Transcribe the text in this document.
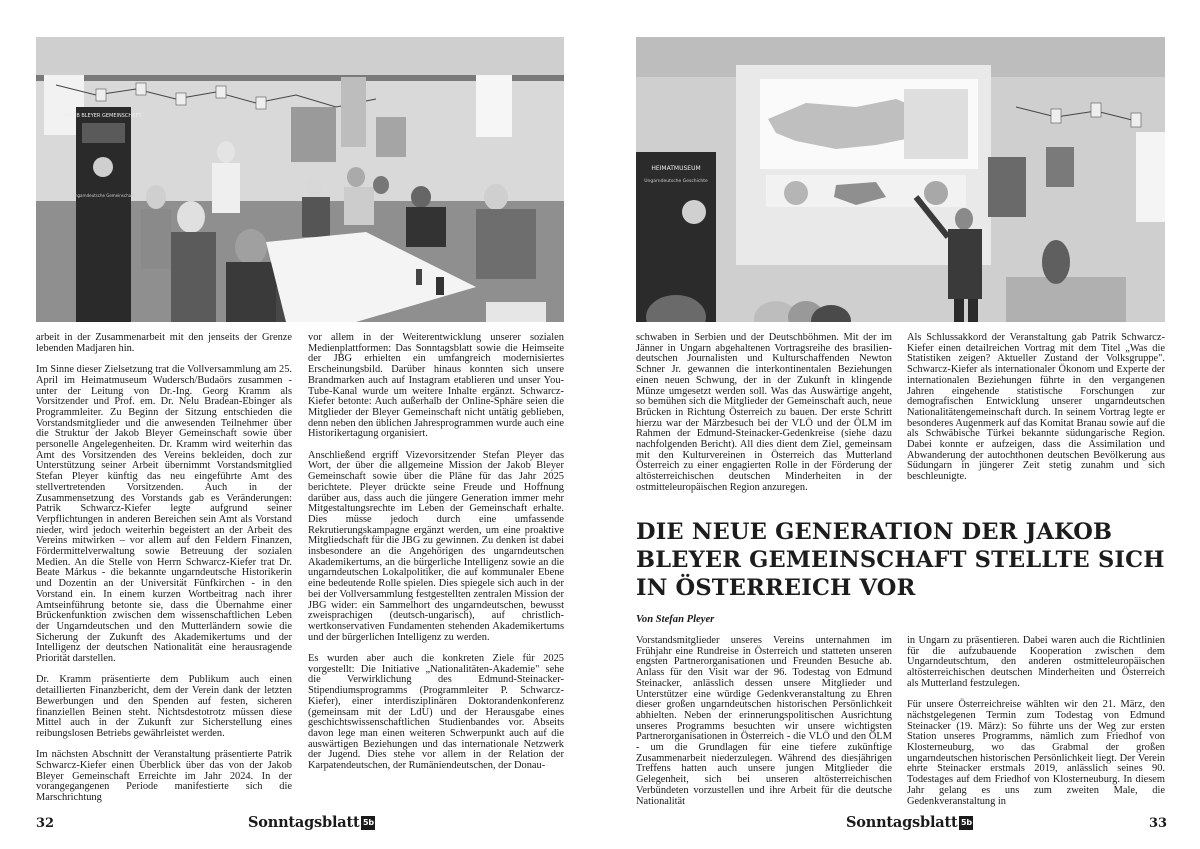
JAKOB BLEYER GEMEINSCHAFT
Ungarndeutsche Gemeinschaft

arbeit in der Zusammenarbeit mit den jenseits der Grenze lebenden Madjaren hin.

Im Sinne dieser Zielsetzung trat die Vollversammlung am 25. April im Heimatmuseum Wudersch/Budaörs zusammen - unter der Leitung von Dr.-Ing. Georg Kramm als Vorsitzender und Prof. em. Dr. Nelu Bradean-Ebinger als Programmleiter. Zu Beginn der Sitzung entschieden die Vorstandsmitglieder und die anwesenden Teilnehmer über die Struktur der Jakob Bleyer Gemeinschaft sowie über personelle Angelegenheiten. Dr. Kramm wird weiterhin das Amt des Vorsitzenden des Vereins bekleiden, doch zur Unterstützung seiner Arbeit übernimmt Vorstandsmitglied Stefan Pleyer künftig das neu eingeführte Amt des stellvertretenden Vorsitzenden. Auch in der Zusammensetzung des Vorstands gab es Veränderungen: Patrik Schwarcz-Kiefer legte aufgrund seiner Verpflichtungen in anderen Bereichen sein Amt als Vorstand nieder, wird jedoch weiterhin begeistert an der Arbeit des Vereins mitwirken – vor allem auf den Feldern Finanzen, Fördermittelverwaltung sowie Betreuung der sozialen Medien. An die Stelle von Herrn Schwarcz-Kiefer trat Dr. Beate Márkus - die bekannte ungarndeutsche Historikerin und Dozentin an der Universität Fünfkirchen - in den Vorstand ein. In einem kurzen Wortbeitrag nach ihrer Amtseinführung betonte sie, dass die Übernahme einer Brückenfunktion zwischen dem wissenschaftlichen Leben der Ungarndeutschen und den Mutterländern sowie die Sicherung der Zukunft des Akademikertums und der Intelligenz der deutschen Nationalität eine herausragende Priorität darstellen.

Dr. Kramm präsentierte dem Publikum auch einen detaillierten Finanzbericht, dem der Verein dank der letzten Bewerbungen und den Spenden auf festen, sicheren finanziellen Beinen steht. Nichtsdestotrotz müssen diese Mittel auch in der Zukunft zur Sicherstellung eines reibungslosen Betriebs gewährleistet werden.

Im nächsten Abschnitt der Veranstaltung präsentierte Patrik Schwarcz-Kiefer einen Überblick über das von der Jakob Bleyer Gemeinschaft Erreichte im Jahr 2024. In der vorangegangenen Periode manifestierte sich die Marschrichtung

vor allem in der Weiterentwicklung unserer sozialen Medienplattformen: Das Sonntagsblatt sowie die Heimseite der JBG erhielten ein umfangreich modernisiertes Erscheinungsbild. Darüber hinaus konnten sich unsere Brandmarken auch auf Instagram etablieren und unser You-Tube-Kanal wurde um weitere Inhalte ergänzt. Schwarcz-Kiefer betonte: Auch außerhalb der Online-Sphäre seien die Mitglieder der Bleyer Gemeinschaft nicht untätig geblieben, denn neben den üblichen Jahresprogrammen wurde auch eine Historikertagung organisiert.

Anschließend ergriff Vizevorsitzender Stefan Pleyer das Wort, der über die allgemeine Mission der Jakob Bleyer Gemeinschaft sowie über die Pläne für das Jahr 2025 berichtete. Pleyer drückte seine Freude und Hoffnung darüber aus, dass auch die jüngere Generation immer mehr Mitgestaltungsrechte im Leben der Gemeinschaft erhalte. Dies müsse jedoch durch eine umfassende Rekrutierungskampagne ergänzt werden, um eine proaktive Mitgliedschaft für die JBG zu gewinnen. Zu denken ist dabei insbesondere an die Angehörigen des ungarndeutschen Akademikertums, an die bürgerliche Intelligenz sowie an die ungarndeutschen Lokalpolitiker, die auf kommunaler Ebene eine bedeutende Rolle spielen. Dies spiegele sich auch in der bei der Vollversammlung festgestellten zentralen Mission der JBG wider: ein Sammelhort des ungarndeutschen, bewusst zweisprachigen (deutsch-ungarisch), auf christlich-wertkonservativen Fundamenten stehenden Akademikertums und der bürgerlichen Intelligenz zu werden.

Es wurden aber auch die konkreten Ziele für 2025 vorgestellt: Die Initiative „Nationalitäten-Akademie" sehe die Verwirklichung des Edmund-Steinacker-Stipendiumsprogramms (Programmleiter P. Schwarcz-Kiefer), einer interdisziplinären Doktorandenkonferenz (gemeinsam mit der LdU) und der Herausgabe eines geschichtswissenschaftlichen Studienbandes vor. Abseits davon lege man einen weiteren Schwerpunkt auch auf die auswärtigen Beziehungen und das internationale Netzwerk der Jugend. Dies stehe vor allem in der Relation der Karpatendeutschen, der Rumäniendeutschen, der Donau-

32	Sonntagsblatt 5b
HEIMATMUSEUM
Ungarndeutsche Geschichte

schwaben in Serbien und der Deutschböhmen. Mit der im Jänner in Ungarn abgehaltenen Vortragsreihe des brasilien-deutschen Journalisten und Kulturschaffenden Newton Schner Jr. gewannen die interkontinentalen Beziehungen einen neuen Schwung, der in der Zukunft in klingende Münze umgesetzt werden soll. Was das Auswärtige angeht, so bemühen sich die Mitglieder der Gemeinschaft auch, neue Brücken in Richtung Österreich zu bauen. Der erste Schritt hierzu war der Märzbesuch bei der VLÖ und der ÖLM im Rahmen der Edmund-Steinacker-Gedenkreise (siehe dazu nachfolgenden Bericht). All dies dient dem Ziel, gemeinsam mit den Kulturvereinen in Österreich das Mutterland Österreich zu einer engagierten Rolle in der Förderung der altösterreichischen deutschen Minderheiten in der ostmitteleuropäischen Region anzuregen.

Als Schlussakkord der Veranstaltung gab Patrik Schwarcz-Kiefer einen detailreichen Vortrag mit dem Titel „Was die Statistiken zeigen? Aktueller Zustand der Volksgruppe". Schwarcz-Kiefer als internationaler Ökonom und Experte der internationalen Beziehungen führte in den vergangenen Jahren eingehende statistische Forschungen zur demografischen Entwicklung unserer ungarndeutschen Nationalitätengemeinschaft durch. In seinem Vortrag legte er besonderes Augenmerk auf das Komitat Branau sowie auf die als Schwäbische Türkei bekannte südungarische Region. Dabei konnte er aufzeigen, dass die Assimilation und Abwanderung der autochthonen deutschen Bevölkerung aus Südungarn in jüngerer Zeit stetig zunahm und sich beschleunigte.

DIE NEUE GENERATION DER JAKOB BLEYER GEMEINSCHAFT STELLTE SICH IN ÖSTERREICH VOR
Von Stefan Pleyer

Vorstandsmitglieder unseres Vereins unternahmen im Frühjahr eine Rundreise in Österreich und statteten unseren engsten Partnerorganisationen und Freunden Besuche ab. Anlass für den Visit war der 96. Todestag von Edmund Steinacker, anlässlich dessen unsere Mitglieder und Unterstützer eine würdige Gedenkveranstaltung zu Ehren dieser großen ungarndeutschen historischen Persönlichkeit abhielten. Neben der erinnerungspolitischen Ausrichtung unseres Programms besuchten wir unsere wichtigsten Partnerorganisationen in Österreich - die VLÖ und den ÖLM - um die Grundlagen für eine tiefere zukünftige Zusammenarbeit niederzulegen. Während des diesjährigen Treffens hatten auch unsere jungen Mitglieder die Gelegenheit, sich bei unseren altösterreichischen Verbündeten vorzustellen und ihre Arbeit für die deutsche Nationalität

in Ungarn zu präsentieren. Dabei waren auch die Richtlinien für die aufzubauende Kooperation zwischen dem Ungarndeutschtum, den anderen ostmitteleuropäischen altösterreichischen deutschen Minderheiten und Österreich als Mutterland festzulegen.

Für unsere Österreichreise wählten wir den 21. März, den nächstgelegenen Termin zum Todestag von Edmund Steinacker (19. März): So führte uns der Weg zur ersten Station unseres Programms, nämlich zum Friedhof von Klosterneuburg, wo das Grabmal der großen ungarndeutschen historischen Persönlichkeit liegt. Der Verein ehrte Steinacker erstmals 2019, anlässlich seines 90. Todestages auf dem Friedhof von Klosterneuburg. In diesem Jahr gelang es uns zum zweiten Male, die Gedenkveranstaltung in

Sonntagsblatt 5b	33
